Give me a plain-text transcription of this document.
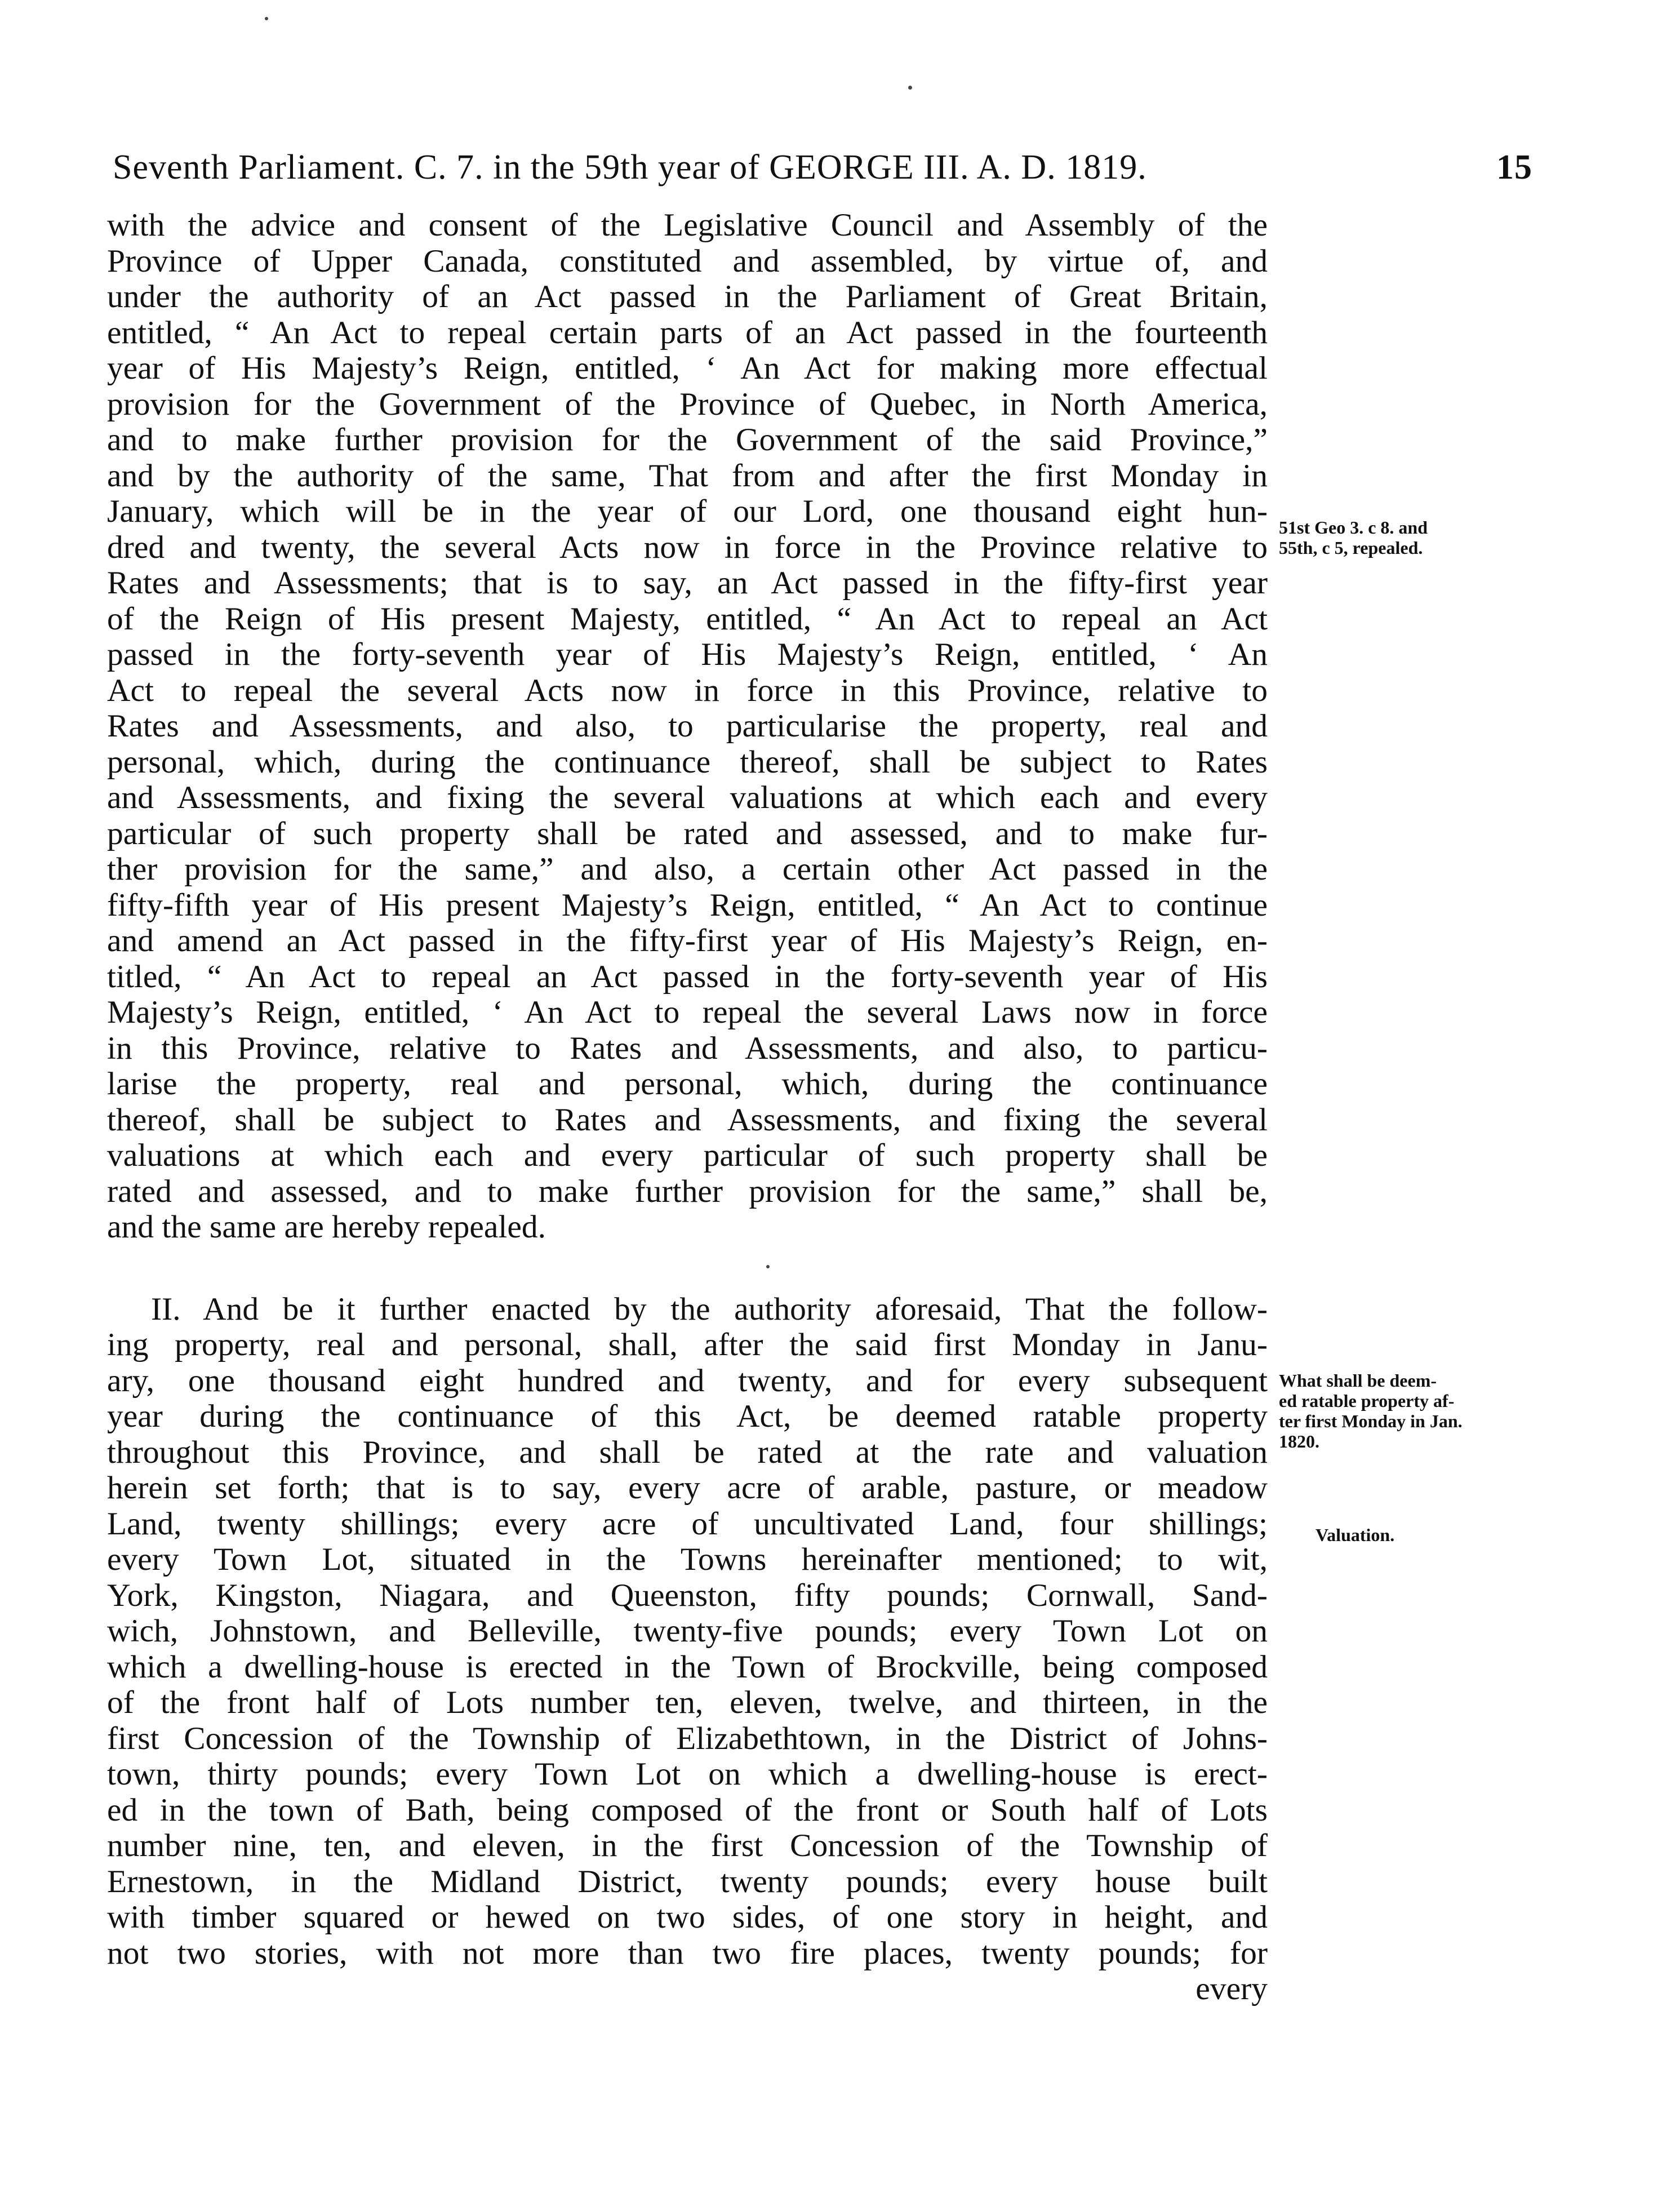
Seventh Parliament. C. 7. in the 59th year of GEORGE III. A. D. 1819.	15
with the advice and consent of the Legislative Council and Assembly of the
Province of Upper Canada, constituted and assembled, by virtue of, and
under the authority of an Act passed in the Parliament of Great Britain,
entitled, “ An Act to repeal certain parts of an Act passed in the fourteenth
year of His Majesty’s Reign, entitled, ‘ An Act for making more effectual
provision for the Government of the Province of Quebec, in North America,
and to make further provision for the Government of the said Province,”
and by the authority of the same, That from and after the first Monday in
January, which will be in the year of our Lord, one thousand eight hun-
dred and twenty, the several Acts now in force in the Province relative to
Rates and Assessments; that is to say, an Act passed in the fifty-first year
of the Reign of His present Majesty, entitled, “ An Act to repeal an Act
passed in the forty-seventh year of His Majesty’s Reign, entitled, ‘ An
Act to repeal the several Acts now in force in this Province, relative to
Rates and Assessments, and also, to particularise the property, real and
personal, which, during the continuance thereof, shall be subject to Rates
and Assessments, and fixing the several valuations at which each and every
particular of such property shall be rated and assessed, and to make fur-
ther provision for the same,” and also, a certain other Act passed in the
fifty-fifth year of His present Majesty’s Reign, entitled, “ An Act to continue
and amend an Act passed in the fifty-first year of His Majesty’s Reign, en-
titled, “ An Act to repeal an Act passed in the forty-seventh year of His
Majesty’s Reign, entitled, ‘ An Act to repeal the several Laws now in force
in this Province, relative to Rates and Assessments, and also, to particu-
larise the property, real and personal, which, during the continuance
thereof, shall be subject to Rates and Assessments, and fixing the several
valuations at which each and every particular of such property shall be
rated and assessed, and to make further provision for the same,” shall be,
and the same are hereby repealed.
II. And be it further enacted by the authority aforesaid, That the follow-
ing property, real and personal, shall, after the said first Monday in Janu-
ary, one thousand eight hundred and twenty, and for every subsequent
year during the continuance of this Act, be deemed ratable property
throughout this Province, and shall be rated at the rate and valuation
herein set forth; that is to say, every acre of arable, pasture, or meadow
Land, twenty shillings; every acre of uncultivated Land, four shillings;
every Town Lot, situated in the Towns hereinafter mentioned; to wit,
York, Kingston, Niagara, and Queenston, fifty pounds; Cornwall, Sand-
wich, Johnstown, and Belleville, twenty-five pounds; every Town Lot on
which a dwelling-house is erected in the Town of Brockville, being composed
of the front half of Lots number ten, eleven, twelve, and thirteen, in the
first Concession of the Township of Elizabethtown, in the District of Johns-
town, thirty pounds; every Town Lot on which a dwelling-house is erect-
ed in the town of Bath, being composed of the front or South half of Lots
number nine, ten, and eleven, in the first Concession of the Township of
Ernestown, in the Midland District, twenty pounds; every house built
with timber squared or hewed on two sides, of one story in height, and
not two stories, with not more than two fire places, twenty pounds; for
every
51st Geo 3. c 8. and
55th, c 5, repealed.
What shall be deem-
ed ratable property af-
ter first Monday in Jan.
1820.
Valuation.
